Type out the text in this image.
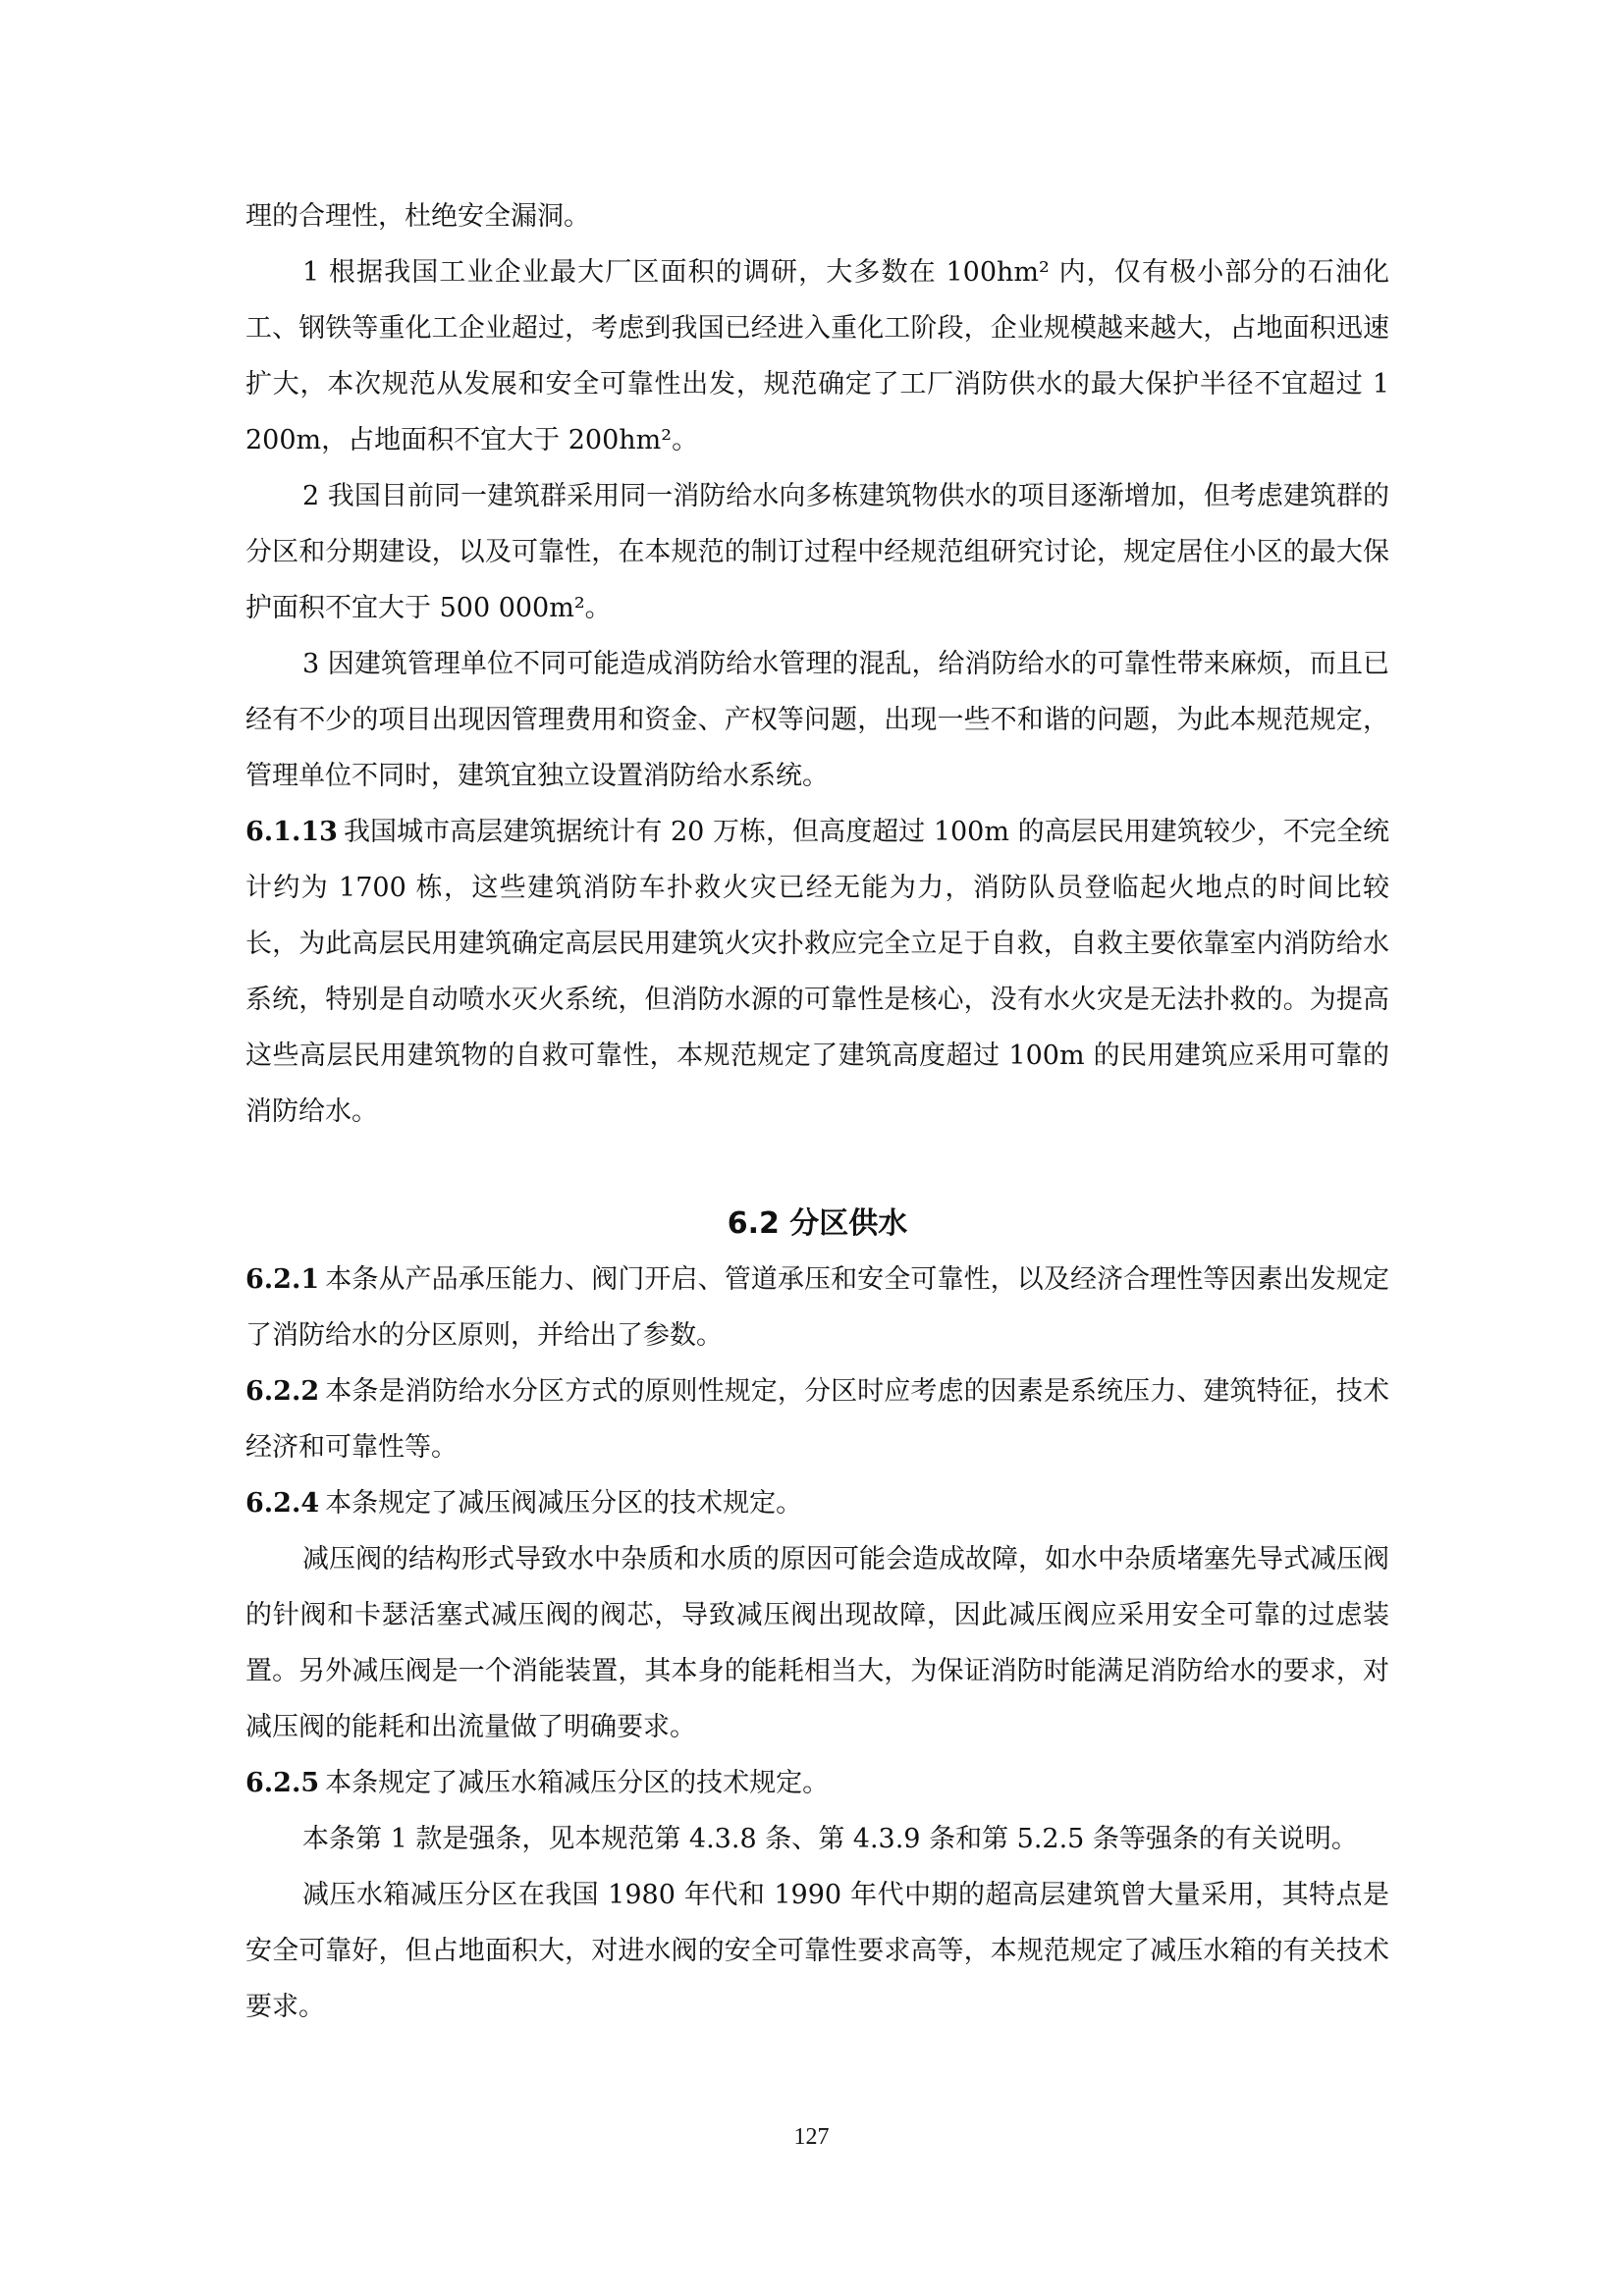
理的合理性，杜绝安全漏洞。

1 根据我国工业企业最大厂区面积的调研，大多数在 100hm² 内，仅有极小部分的石油化工、钢铁等重化工企业超过，考虑到我国已经进入重化工阶段，企业规模越来越大，占地面积迅速扩大，本次规范从发展和安全可靠性出发，规范确定了工厂消防供水的最大保护半径不宜超过 1 200m，占地面积不宜大于 200hm²。

2 我国目前同一建筑群采用同一消防给水向多栋建筑物供水的项目逐渐增加，但考虑建筑群的分区和分期建设，以及可靠性，在本规范的制订过程中经规范组研究讨论，规定居住小区的最大保护面积不宜大于 500 000m²。

3 因建筑管理单位不同可能造成消防给水管理的混乱，给消防给水的可靠性带来麻烦，而且已经有不少的项目出现因管理费用和资金、产权等问题，出现一些不和谐的问题，为此本规范规定，管理单位不同时，建筑宜独立设置消防给水系统。

6.1.13 我国城市高层建筑据统计有 20 万栋，但高度超过 100m 的高层民用建筑较少，不完全统计约为 1700 栋，这些建筑消防车扑救火灾已经无能为力，消防队员登临起火地点的时间比较长，为此高层民用建筑确定高层民用建筑火灾扑救应完全立足于自救，自救主要依靠室内消防给水系统，特别是自动喷水灭火系统，但消防水源的可靠性是核心，没有水火灾是无法扑救的。为提高这些高层民用建筑物的自救可靠性，本规范规定了建筑高度超过 100m 的民用建筑应采用可靠的消防给水。

6.2 分区供水

6.2.1 本条从产品承压能力、阀门开启、管道承压和安全可靠性，以及经济合理性等因素出发规定了消防给水的分区原则，并给出了参数。

6.2.2 本条是消防给水分区方式的原则性规定，分区时应考虑的因素是系统压力、建筑特征，技术经济和可靠性等。

6.2.4 本条规定了减压阀减压分区的技术规定。

减压阀的结构形式导致水中杂质和水质的原因可能会造成故障，如水中杂质堵塞先导式减压阀的针阀和卡瑟活塞式减压阀的阀芯，导致减压阀出现故障，因此减压阀应采用安全可靠的过虑装置。另外减压阀是一个消能装置，其本身的能耗相当大，为保证消防时能满足消防给水的要求，对减压阀的能耗和出流量做了明确要求。

6.2.5 本条规定了减压水箱减压分区的技术规定。

本条第 1 款是强条，见本规范第 4.3.8 条、第 4.3.9 条和第 5.2.5 条等强条的有关说明。

减压水箱减压分区在我国 1980 年代和 1990 年代中期的超高层建筑曾大量采用，其特点是安全可靠好，但占地面积大，对进水阀的安全可靠性要求高等，本规范规定了减压水箱的有关技术要求。

127
